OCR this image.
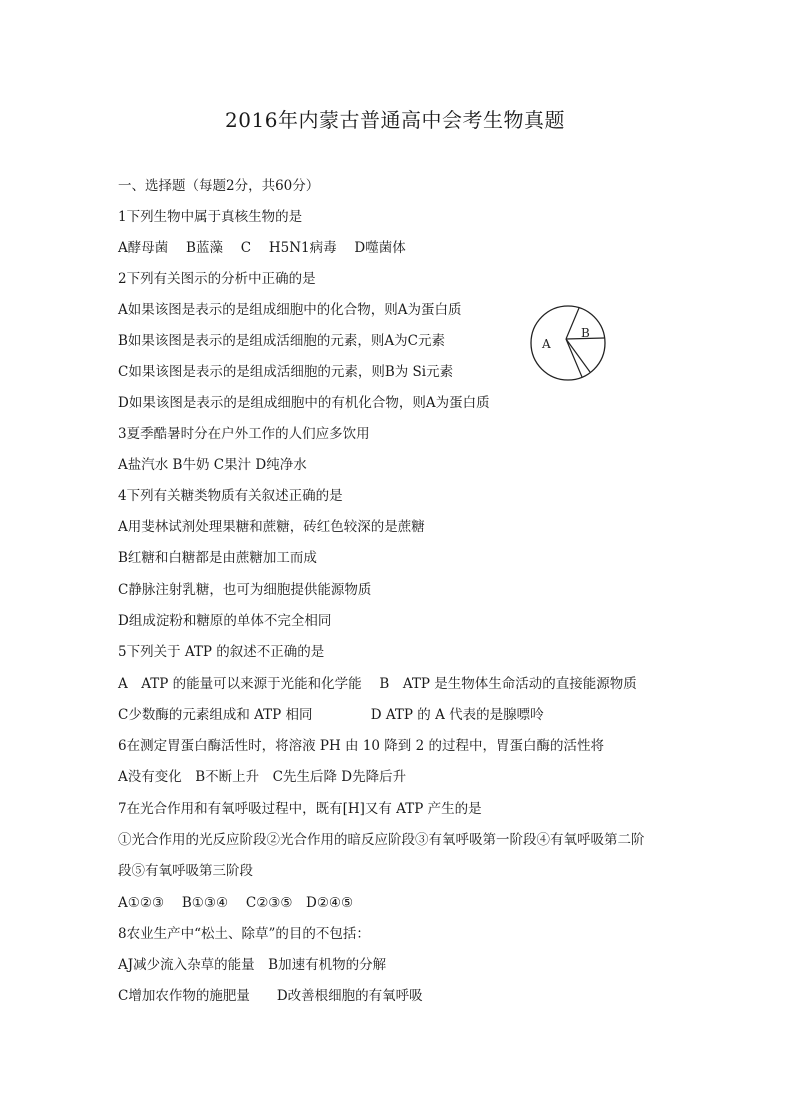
2016年内蒙古普通高中会考生物真题
一、选择题（每题2分，共60分）
1下列生物中属于真核生物的是
A酵母菌　 B蓝藻　 C　 H5N1病毒　 D噬菌体
2下列有关图示的分析中正确的是
A如果该图是表示的是组成细胞中的化合物，则A为蛋白质
B如果该图是表示的是组成活细胞的元素，则A为C元素
C如果该图是表示的是组成活细胞的元素，则B为 Si元素
D如果该图是表示的是组成细胞中的有机化合物，则A为蛋白质
A
B
3夏季酷暑时分在户外工作的人们应多饮用
A盐汽水 B牛奶 C果汁 D纯净水
4下列有关糖类物质有关叙述正确的是
A用斐林试剂处理果糖和蔗糖，砖红色较深的是蔗糖
B红糖和白糖都是由蔗糖加工而成
C静脉注射乳糖，也可为细胞提供能源物质
D组成淀粉和糖原的单体不完全相同
5下列关于 ATP 的叙述不正确的是
A　ATP 的能量可以来源于光能和化学能　 B　ATP 是生物体生命活动的直接能源物质
C少数酶的元素组成和 ATP 相同　　　　 D ATP 的 A 代表的是腺嘌呤
6在测定胃蛋白酶活性时，将溶液 PH 由 10 降到 2 的过程中，胃蛋白酶的活性将
A没有变化　B不断上升　C先生后降 D先降后升
7在光合作用和有氧呼吸过程中，既有[H]又有 ATP 产生的是
①光合作用的光反应阶段②光合作用的暗反应阶段③有氧呼吸第一阶段④有氧呼吸第二阶
段⑤有氧呼吸第三阶段
A①②③　 B①③④　 C②③⑤　D②④⑤
8农业生产中“松土、除草”的目的不包括：
AJ减少流入杂草的能量　B加速有机物的分解
C增加农作物的施肥量　　D改善根细胞的有氧呼吸
